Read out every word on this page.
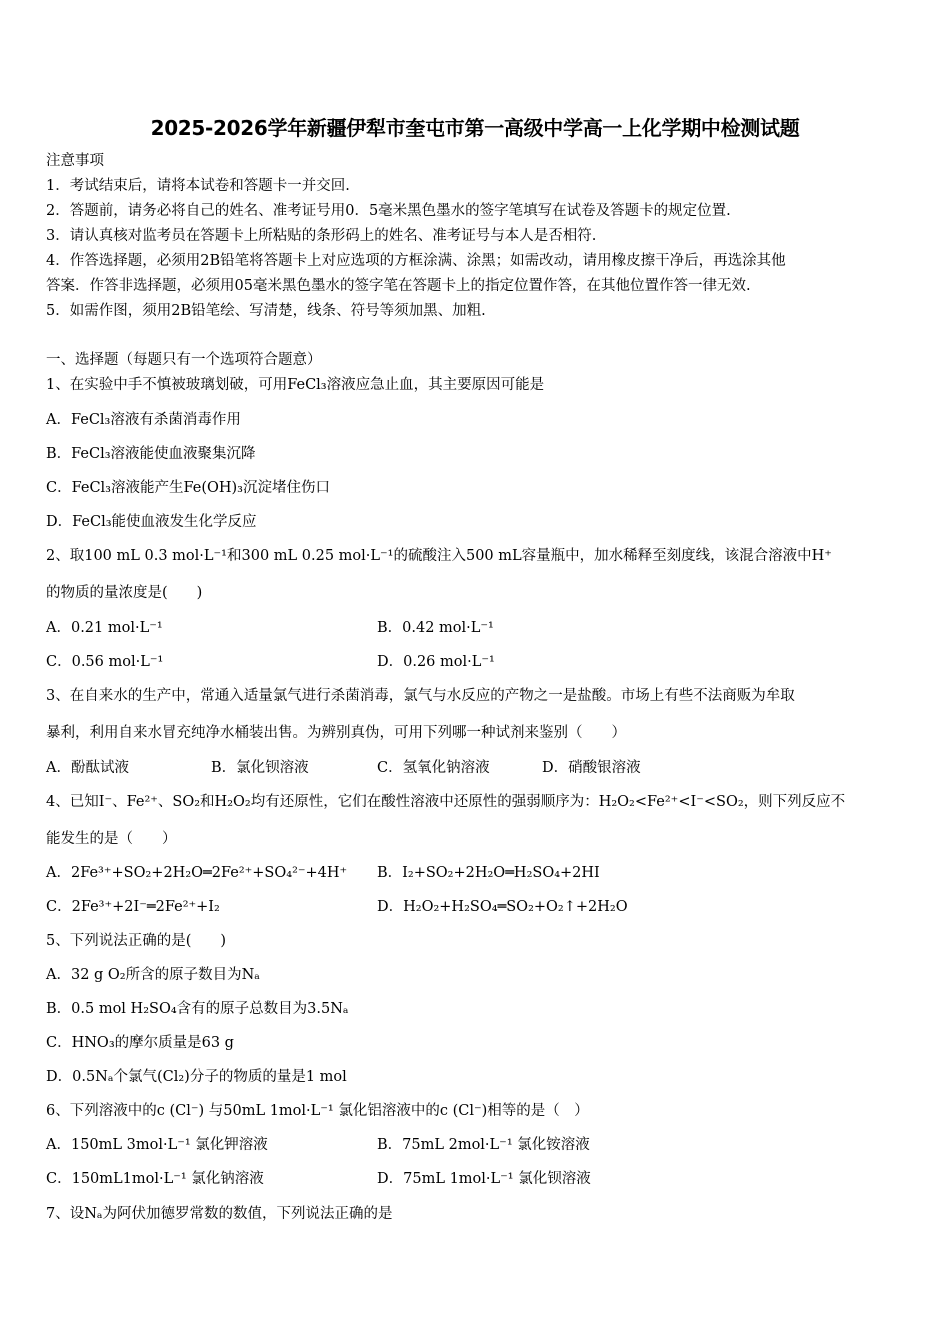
2025-2026学年新疆伊犁市奎屯市第一高级中学高一上化学期中检测试题
注意事项
1．考试结束后，请将本试卷和答题卡一并交回.
2．答题前，请务必将自己的姓名、准考证号用0．5毫米黑色墨水的签字笔填写在试卷及答题卡的规定位置.
3．请认真核对监考员在答题卡上所粘贴的条形码上的姓名、准考证号与本人是否相符.
4．作答选择题，必须用2B铅笔将答题卡上对应选项的方框涂满、涂黑；如需改动，请用橡皮擦干净后，再选涂其他
答案．作答非选择题，必须用05毫米黑色墨水的签字笔在答题卡上的指定位置作答，在其他位置作答一律无效.
5．如需作图，须用2B铅笔绘、写清楚，线条、符号等须加黑、加粗.
一、选择题（每题只有一个选项符合题意）
1、在实验中手不慎被玻璃划破，可用FeCl₃溶液应急止血，其主要原因可能是
A．FeCl₃溶液有杀菌消毒作用
B．FeCl₃溶液能使血液聚集沉降
C．FeCl₃溶液能产生Fe(OH)₃沉淀堵住伤口
D．FeCl₃能使血液发生化学反应
2、取100 mL 0.3 mol·L⁻¹和300 mL 0.25 mol·L⁻¹的硫酸注入500 mL容量瓶中，加水稀释至刻度线，该混合溶液中H⁺
的物质的量浓度是(　　)
A．0.21 mol·L⁻¹	B．0.42 mol·L⁻¹
C．0.56 mol·L⁻¹	D．0.26 mol·L⁻¹
3、在自来水的生产中，常通入适量氯气进行杀菌消毒，氯气与水反应的产物之一是盐酸。市场上有些不法商贩为牟取
暴利，利用自来水冒充纯净水桶装出售。为辨别真伪，可用下列哪一种试剂来鉴别（　　）
A．酚酞试液	B．氯化钡溶液	C．氢氧化钠溶液	D．硝酸银溶液
4、已知I⁻、Fe²⁺、SO₂和H₂O₂均有还原性，它们在酸性溶液中还原性的强弱顺序为：H₂O₂<Fe²⁺<I⁻<SO₂，则下列反应不
能发生的是（　　）
A．2Fe³⁺+SO₂+2H₂O═2Fe²⁺+SO₄²⁻+4H⁺ B．I₂+SO₂+2H₂O═H₂SO₄+2HI
C．2Fe³⁺+2I⁻═2Fe²⁺+I₂	D．H₂O₂+H₂SO₄═SO₂+O₂↑+2H₂O
5、下列说法正确的是(　　)
A．32 g O₂所含的原子数目为Nₐ
B．0.5 mol H₂SO₄含有的原子总数目为3.5Nₐ
C．HNO₃的摩尔质量是63 g
D．0.5Nₐ个氯气(Cl₂)分子的物质的量是1 mol
6、下列溶液中的c (Cl⁻) 与50mL 1mol·L⁻¹ 氯化铝溶液中的c (Cl⁻)相等的是（　）
A．150mL 3mol·L⁻¹ 氯化钾溶液	B．75mL 2mol·L⁻¹ 氯化铵溶液
C．150mL1mol·L⁻¹ 氯化钠溶液	D．75mL 1mol·L⁻¹ 氯化钡溶液
7、设Nₐ为阿伏加德罗常数的数值，下列说法正确的是
